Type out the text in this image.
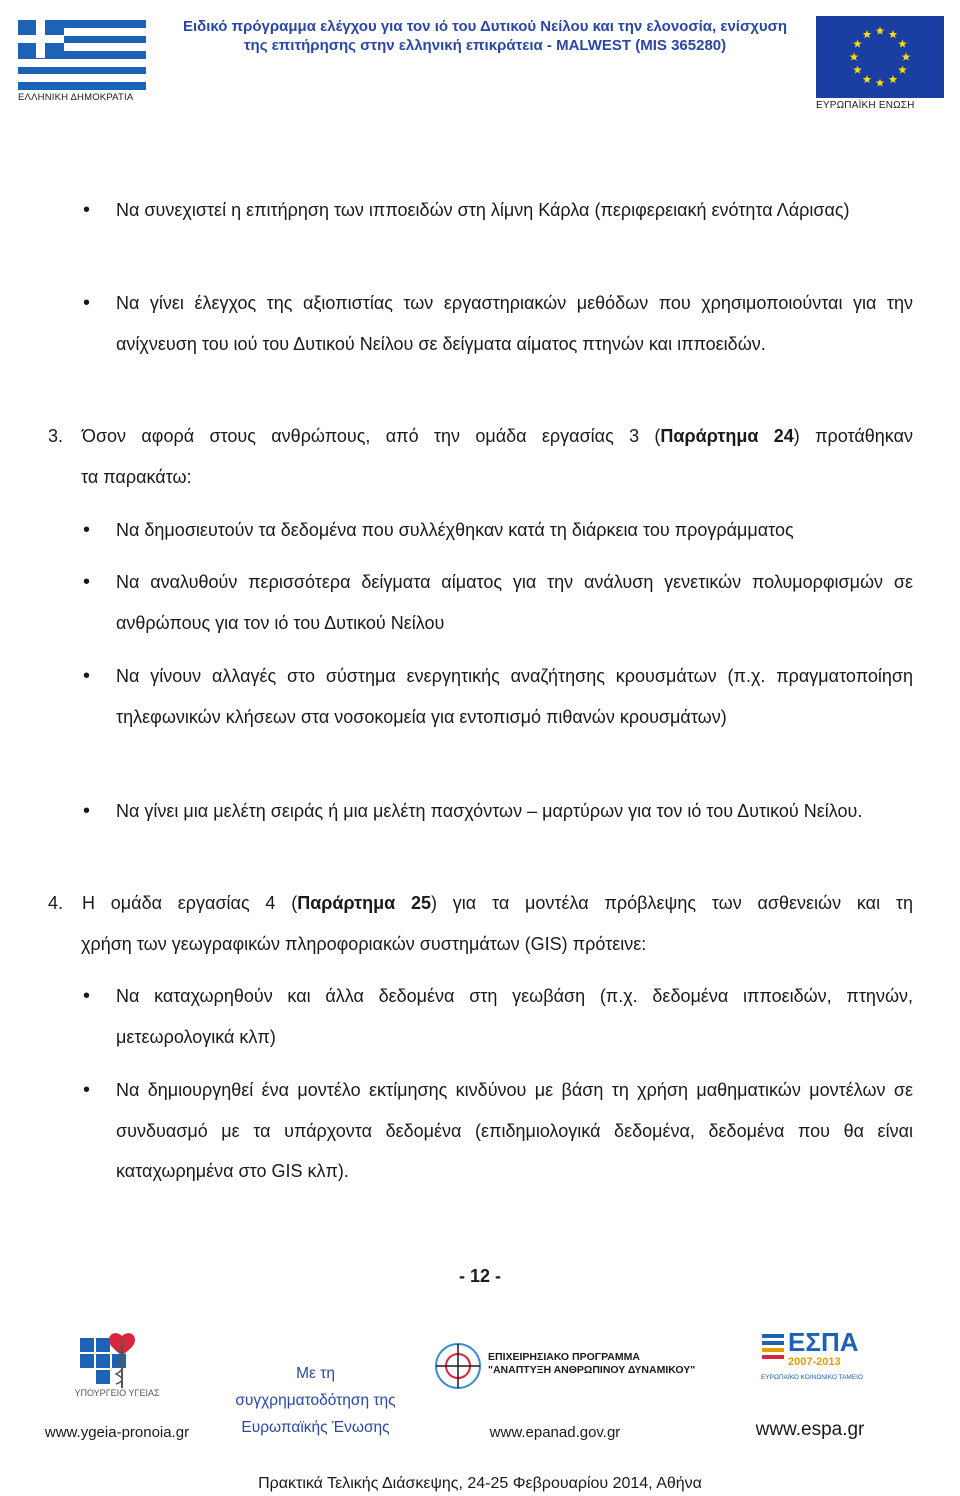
ΕΛΛΗΝΙΚΗ ΔΗΜΟΚΡΑΤΙΑ
Ειδικό πρόγραμμα ελέγχου για τον ιό του Δυτικού Νείλου και την ελονοσία, ενίσχυση
της επιτήρησης στην ελληνική επικράτεια - MALWEST (MIS 365280)
ΕΥΡΩΠΑΪΚΗ ΕΝΩΣΗ
• Να συνεχιστεί η επιτήρηση των ιπποειδών στη λίμνη Κάρλα (περιφερειακή ενότητα Λάρισας)
• Να γίνει έλεγχος της αξιοπιστίας των εργαστηριακών μεθόδων που χρησιμοποιούνται για την ανίχνευση του ιού του Δυτικού Νείλου σε δείγματα αίματος πτηνών και ιπποειδών.
3. Όσον αφορά στους ανθρώπους, από την ομάδα εργασίας 3 (Παράρτημα 24) προτάθηκαν
τα παρακάτω:
• Να δημοσιευτούν τα δεδομένα που συλλέχθηκαν κατά τη διάρκεια του προγράμματος
• Να αναλυθούν περισσότερα δείγματα αίματος για την ανάλυση γενετικών πολυμορφισμών σε ανθρώπους για τον ιό του Δυτικού Νείλου
• Να γίνουν αλλαγές στο σύστημα ενεργητικής αναζήτησης κρουσμάτων (π.χ. πραγματοποίηση τηλεφωνικών κλήσεων στα νοσοκομεία για εντοπισμό πιθανών κρουσμάτων)
• Να γίνει μια μελέτη σειράς ή μια μελέτη πασχόντων – μαρτύρων για τον ιό του Δυτικού Νείλου.
4. Η ομάδα εργασίας 4 (Παράρτημα 25) για τα μοντέλα πρόβλεψης των ασθενειών και τη
χρήση των γεωγραφικών πληροφοριακών συστημάτων (GIS) πρότεινε:
• Να καταχωρηθούν και άλλα δεδομένα στη γεωβάση (π.χ. δεδομένα ιπποειδών, πτηνών, μετεωρολογικά κλπ)
• Να δημιουργηθεί ένα μοντέλο εκτίμησης κινδύνου με βάση τη χρήση μαθηματικών μοντέλων σε συνδυασμό με τα υπάρχοντα δεδομένα (επιδημιολογικά δεδομένα, δεδομένα που θα είναι καταχωρημένα στο GIS κλπ).
- 12 -
ΥΠΟΥΡΓΕΙΟ ΥΓΕΙΑΣ
www.ygeia-pronoia.gr
Με τη
συγχρηματοδότηση της
Ευρωπαϊκής Ένωσης
ΕΠΙΧΕΙΡΗΣΙΑΚΟ ΠΡΟΓΡΑΜΜΑ
"ΑΝΑΠΤΥΞΗ ΑΝΘΡΩΠΙΝΟΥ ΔΥΝΑΜΙΚΟΥ"
www.epanad.gov.gr
ΕΣΠΑ
2007-2013
ΕΥΡΩΠΑΪΚΟ ΚΟΙΝΩΝΙΚΟ ΤΑΜΕΙΟ
www.espa.gr
Πρακτικά Τελικής Διάσκεψης, 24-25 Φεβρουαρίου 2014, Αθήνα
